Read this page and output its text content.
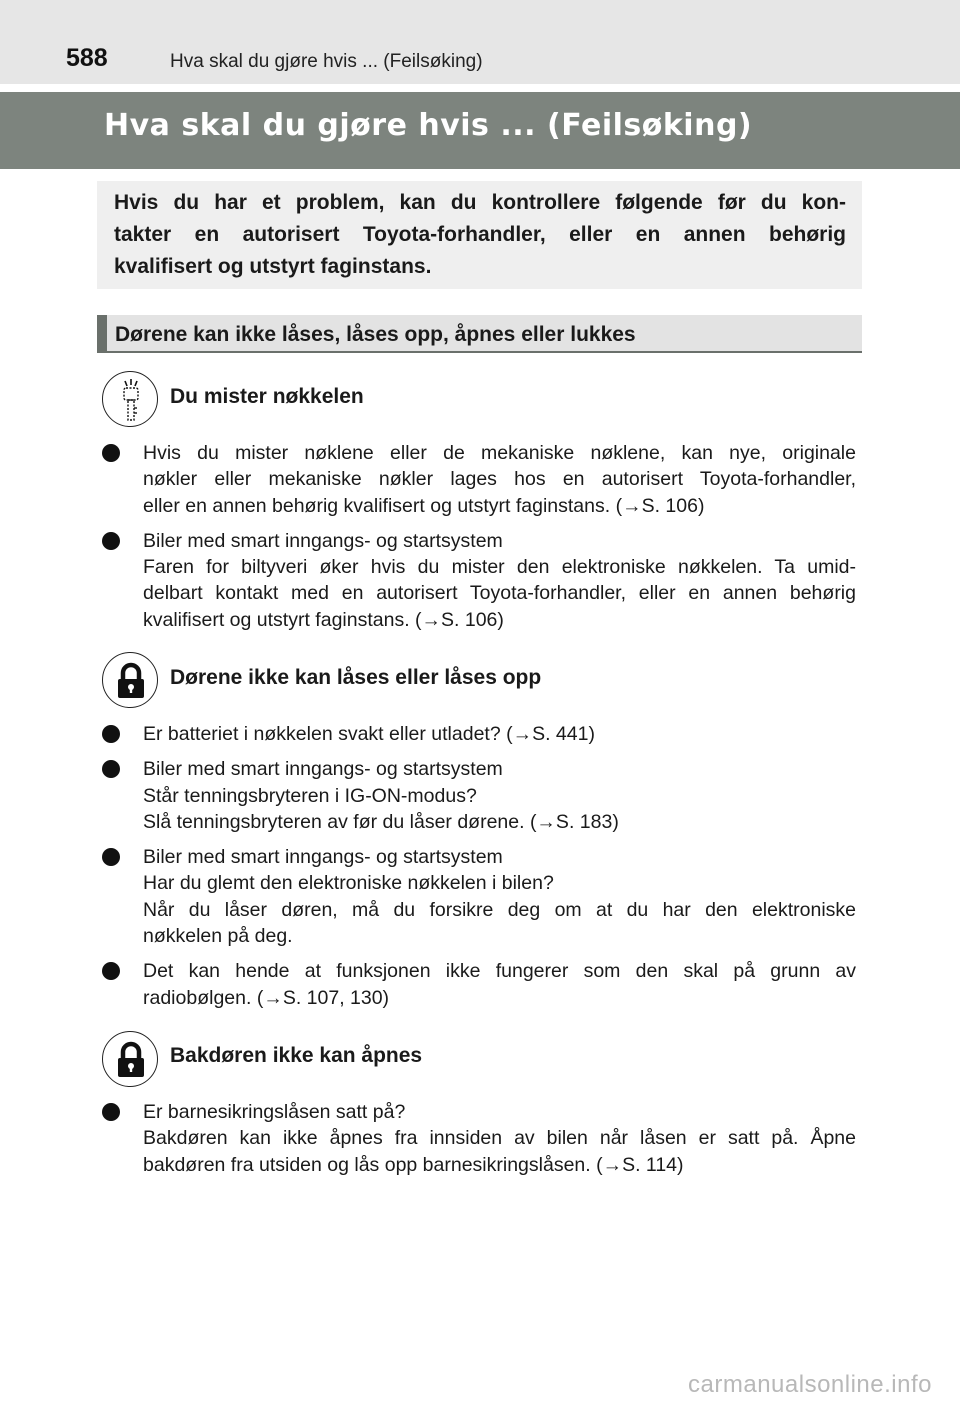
588	Hva skal du gjøre hvis ... (Feilsøking)
Hva skal du gjøre hvis ... (Feilsøking)

Hvis du har et problem, kan du kontrollere følgende før du kon-
takter en autorisert Toyota-forhandler, eller en annen behørig
kvalifisert og utstyrt faginstans.

Dørene kan ikke låses, låses opp, åpnes eller lukkes
Du mister nøkkelen
Hvis du mister nøklene eller de mekaniske nøklene, kan nye, originale
nøkler eller mekaniske nøkler lages hos en autorisert Toyota-forhandler,
eller en annen behørig kvalifisert og utstyrt faginstans. (→S. 106)
Biler med smart inngangs- og startsystem
Faren for biltyveri øker hvis du mister den elektroniske nøkkelen. Ta umid-
delbart kontakt med en autorisert Toyota-forhandler, eller en annen behørig
kvalifisert og utstyrt faginstans. (→S. 106)
Dørene ikke kan låses eller låses opp
Er batteriet i nøkkelen svakt eller utladet? (→S. 441)
Biler med smart inngangs- og startsystem
Står tenningsbryteren i IG-ON-modus?
Slå tenningsbryteren av før du låser dørene. (→S. 183)
Biler med smart inngangs- og startsystem
Har du glemt den elektroniske nøkkelen i bilen?
Når du låser døren, må du forsikre deg om at du har den elektroniske
nøkkelen på deg.
Det kan hende at funksjonen ikke fungerer som den skal på grunn av
radiobølgen. (→S. 107, 130)
Bakdøren ikke kan åpnes
Er barnesikringslåsen satt på?
Bakdøren kan ikke åpnes fra innsiden av bilen når låsen er satt på. Åpne
bakdøren fra utsiden og lås opp barnesikringslåsen. (→S. 114)
carmanualsonline.info
